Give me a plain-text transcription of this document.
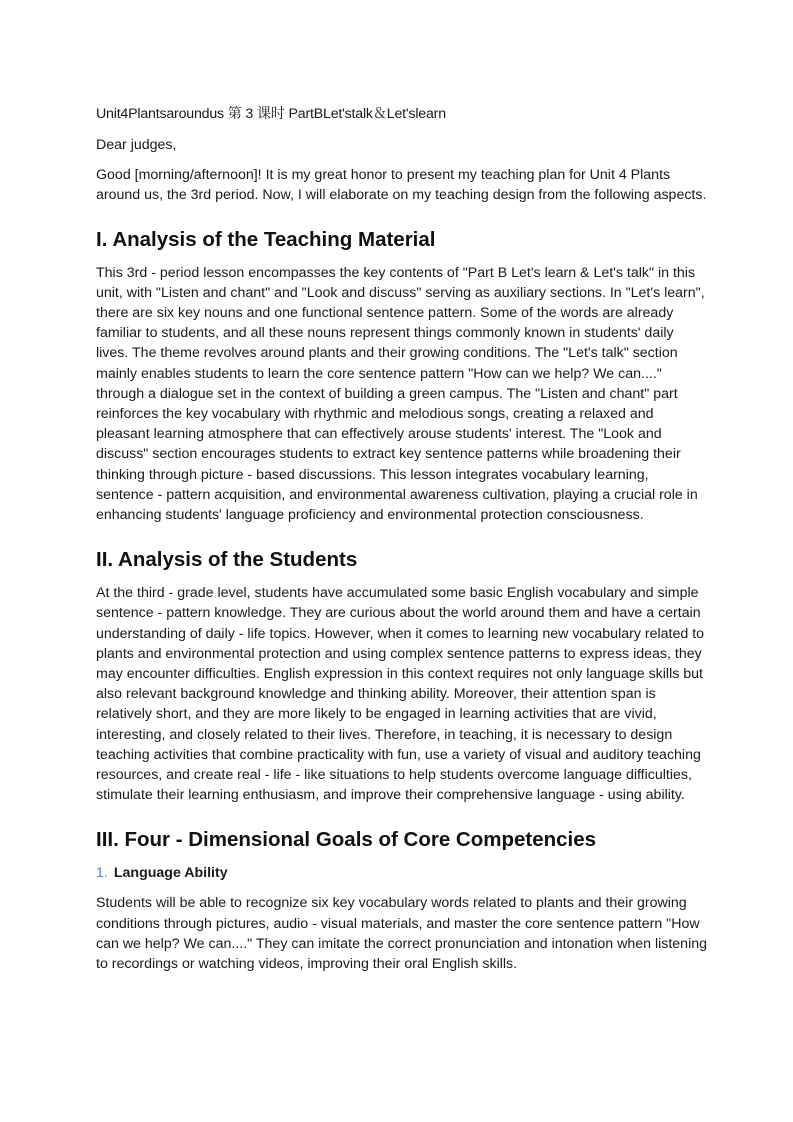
Unit4Plantsaroundus 第 3 课时 PartBLet'stalk＆Let'slearn

Dear judges,

Good [morning/afternoon]! It is my great honor to present my teaching plan for Unit 4 Plants around us, the 3rd period. Now, I will elaborate on my teaching design from the following aspects.

I. Analysis of the Teaching Material

This 3rd - period lesson encompasses the key contents of "Part B Let's learn & Let's talk" in this unit, with "Listen and chant" and "Look and discuss" serving as auxiliary sections. In "Let's learn", there are six key nouns and one functional sentence pattern. Some of the words are already familiar to students, and all these nouns represent things commonly known in students' daily lives. The theme revolves around plants and their growing conditions. The "Let's talk" section mainly enables students to learn the core sentence pattern "How can we help? We can...." through a dialogue set in the context of building a green campus. The "Listen and chant" part reinforces the key vocabulary with rhythmic and melodious songs, creating a relaxed and pleasant learning atmosphere that can effectively arouse students' interest. The "Look and discuss" section encourages students to extract key sentence patterns while broadening their thinking through picture - based discussions. This lesson integrates vocabulary learning, sentence - pattern acquisition, and environmental awareness cultivation, playing a crucial role in enhancing students' language proficiency and environmental protection consciousness.

II. Analysis of the Students

At the third - grade level, students have accumulated some basic English vocabulary and simple sentence - pattern knowledge. They are curious about the world around them and have a certain understanding of daily - life topics. However, when it comes to learning new vocabulary related to plants and environmental protection and using complex sentence patterns to express ideas, they may encounter difficulties. English expression in this context requires not only language skills but also relevant background knowledge and thinking ability. Moreover, their attention span is relatively short, and they are more likely to be engaged in learning activities that are vivid, interesting, and closely related to their lives. Therefore, in teaching, it is necessary to design teaching activities that combine practicality with fun, use a variety of visual and auditory teaching resources, and create real - life - like situations to help students overcome language difficulties, stimulate their learning enthusiasm, and improve their comprehensive language - using ability.

III. Four - Dimensional Goals of Core Competencies
1. Language Ability

Students will be able to recognize six key vocabulary words related to plants and their growing conditions through pictures, audio - visual materials, and master the core sentence pattern "How can we help? We can...." They can imitate the correct pronunciation and intonation when listening to recordings or watching videos, improving their oral English skills.
